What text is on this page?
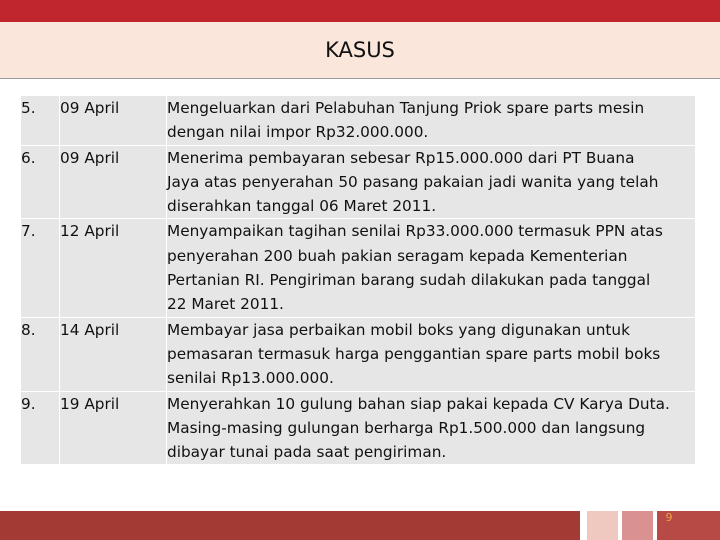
KASUS
5.	09 April	Mengeluarkan dari Pelabuhan Tanjung Priok spare parts mesin
dengan nilai impor Rp32.000.000.

6.	09 April	Menerima pembayaran sebesar Rp15.000.000 dari PT Buana
Jaya atas penyerahan 50 pasang pakaian jadi wanita yang telah
diserahkan tanggal 06 Maret 2011.

7.	12 April	Menyampaikan tagihan senilai Rp33.000.000 termasuk PPN atas
penyerahan 200 buah pakian seragam kepada Kementerian
Pertanian RI. Pengiriman barang sudah dilakukan pada tanggal
22 Maret 2011.

8.	14 April	Membayar jasa perbaikan mobil boks yang digunakan untuk
pemasaran termasuk harga penggantian spare parts mobil boks
senilai Rp13.000.000.

9.	19 April	Menyerahkan 10 gulung bahan siap pakai kepada CV Karya Duta.
Masing-masing gulungan berharga Rp1.500.000 dan langsung
dibayar tunai pada saat pengiriman.
9
